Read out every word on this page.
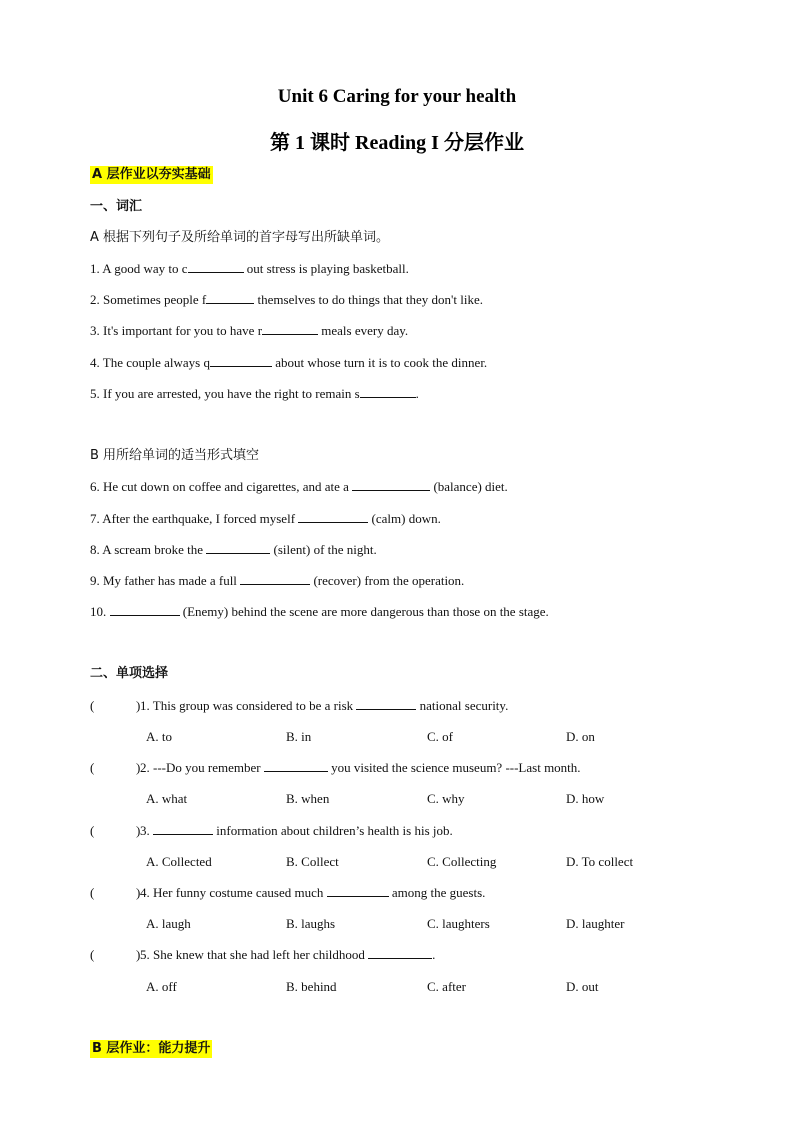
Unit 6 Caring for your health
第 1 课时 Reading I 分层作业
A 层作业以夯实基础
一、词汇
A 根据下列句子及所给单词的首字母写出所缺单词。
1. A good way to c	out stress is playing basketball.
2. Sometimes people f	themselves to do things that they don't like.
3. It's important for you to have r	meals every day.
4. The couple always q	about whose turn it is to cook the dinner.
5. If you are arrested, you have the right to remain s	.
B 用所给单词的适当形式填空
6. He cut down on coffee and cigarettes, and ate a	(balance) diet.
7. After the earthquake, I forced myself	(calm) down.
8. A scream broke the	(silent) of the night.
9. My father has made a full	(recover) from the operation.
10.	(Enemy) behind the scene are more dangerous than those on the stage.
二、单项选择
(	) 1. This group was considered to be a risk	national security.
A. to	B. in	C. of	D. on
(	) 2. ---Do you remember	you visited the science museum? ---Last month.
A. what	B. when	C. why	D. how
(	) 3.	information about children’s health is his job.
A. Collected	B. Collect	C. Collecting	D. To collect
(	) 4. Her funny costume caused much	among the guests.
A. laugh	B. laughs	C. laughters	D. laughter
(	) 5. She knew that she had left her childhood	.
A. off	B. behind	C. after	D. out
B 层作业：能力提升
